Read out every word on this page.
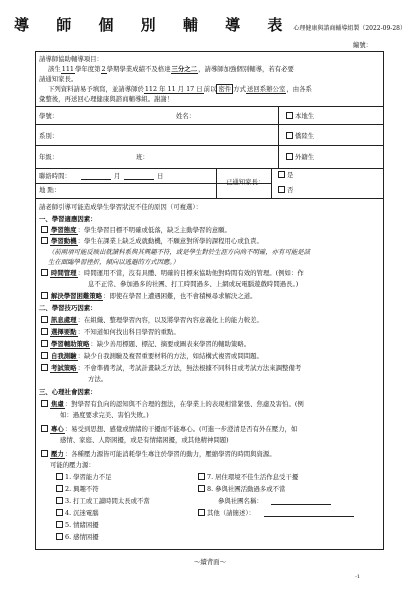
導 師 個 別 輔 導 表心理健康與諮商輔導組製（2022-09-28）
編號：
請導師協助輔導項目：
該生111學年度第2學期學業成績不及格達三分之二，請導師加強個別輔導，若有必要
請通知家長。
下列資料請易予填寫，並請導師於112 年 11 月 17 日前以 密件 方式送回系辦公室，由各系
彙整後，再送回心理健康與諮商輔導組。謝謝！
學號：	姓名：
系別：
年級：	班：
本地生
僑陸生
外籍生
聯絡時間：	月	日
地 點：
已通知家長：
是
否
請老師引導可能造成學生學習狀況不佳的原因（可複選）：
一、學習適應因素：
學習態度：學生學習目標不明確或低落，缺乏主動學習的意願。
學習動機：學生在課業上缺乏成就動機，不願意對所學的課程用心或負責。
（前兩項可能反映出就讀科系與其興趣不符，或是學生對於生涯方向尚不明確，亦有可能是該
生在面臨學習挫折，傾向以逃避的方式因應。）
時間管理：時間運用不當，沒有具體、明確的目標來協助他對時間有效的管理。(例如：作
息不正常、參加過多的社團、打工時間過多、上網或玩電腦遊戲時間過長。)
解決學習困難策略：即使在學習上遭遇困難，也不會積極尋求解決之道。
二、學習技巧因素：
訊息處理：在組織、整理學習內容，以及將學習內容意義化上的能力較差。
選擇要點：不知道如何找出科目學習的重點。
學習輔助策略：缺少善用標題、標記、摘要或圖表來學習的輔助策略。
自我測驗：缺少自我測驗及複習重要材料的方法，如結構式複習或問問題。
考試策略：不會準備考試，考試計畫缺乏方法，無法根據不同科目或考試方法來調整備考
方法。
三、心理社會因素：
焦慮：對學習有負向的認知與不合理的想法，在學業上的表現相當緊張、焦慮及害怕。(例
如：過度要求完美、害怕失敗。)
專心：易受到思想、感覺或情緒的干擾而不能專心。(可進一步澄清是否有外在壓力，如
感情、家庭、人際困擾，或是有情緒困擾，或其他精神問題)
壓力：各種壓力源皆可能消耗學生專注於學習的動力，壓縮學習的時間與資源。
可能的壓力源：
1. 學習能力不足
2. 興趣不符
3. 打工或工讀時間太長或不當
4. 沉迷電腦
5. 情緒困擾
6. 感情困擾
7. 居住環境不佳生活作息受干擾
8. 參與社團活動過多或不當
參與社團名稱：
其他（請簡述）：
～續背面～
-1
